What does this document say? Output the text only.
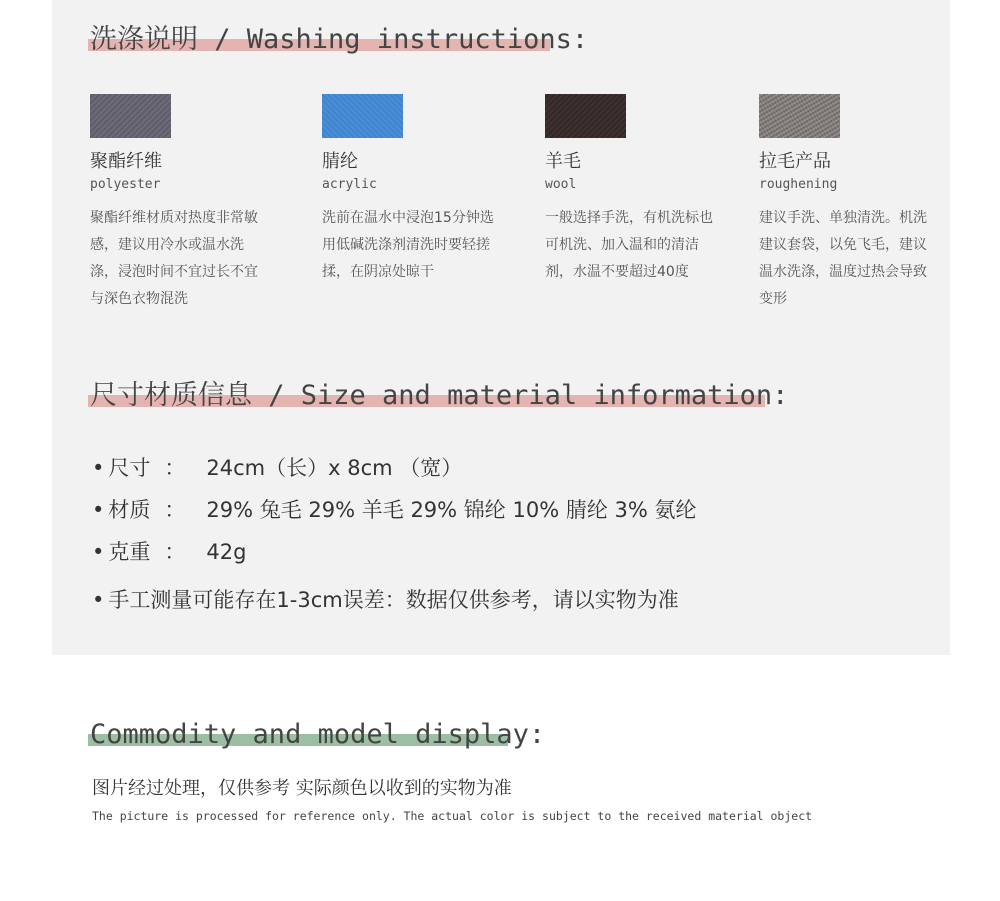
洗涤说明 / Washing instructions:
聚酯纤维
polyester
聚酯纤维材质对热度非常敏感，建议用冷水或温水洗涤，浸泡时间不宜过长不宜与深色衣物混洗
腈纶
acrylic
洗前在温水中浸泡15分钟选用低碱洗涤剂清洗时要轻搓揉，在阴凉处晾干
羊毛
wool
一般选择手洗，有机洗标也可机洗、加入温和的清洁剂，水温不要超过40度
拉毛产品
roughening
建议手洗、单独清洗。机洗建议套袋，以免飞毛，建议温水洗涤，温度过热会导致变形
尺寸材质信息 / Size and material information:
• 尺寸 ： 24cm（长）x 8cm （宽）
• 材质 ： 29% 兔毛 29% 羊毛 29% 锦纶 10% 腈纶 3% 氨纶
• 克重 ： 42g
• 手工测量可能存在1-3cm误差：数据仅供参考，请以实物为准
Commodity and model display:
图片经过处理，仅供参考 实际颜色以收到的实物为准
The picture is processed for reference only. The actual color is subject to the received material object
